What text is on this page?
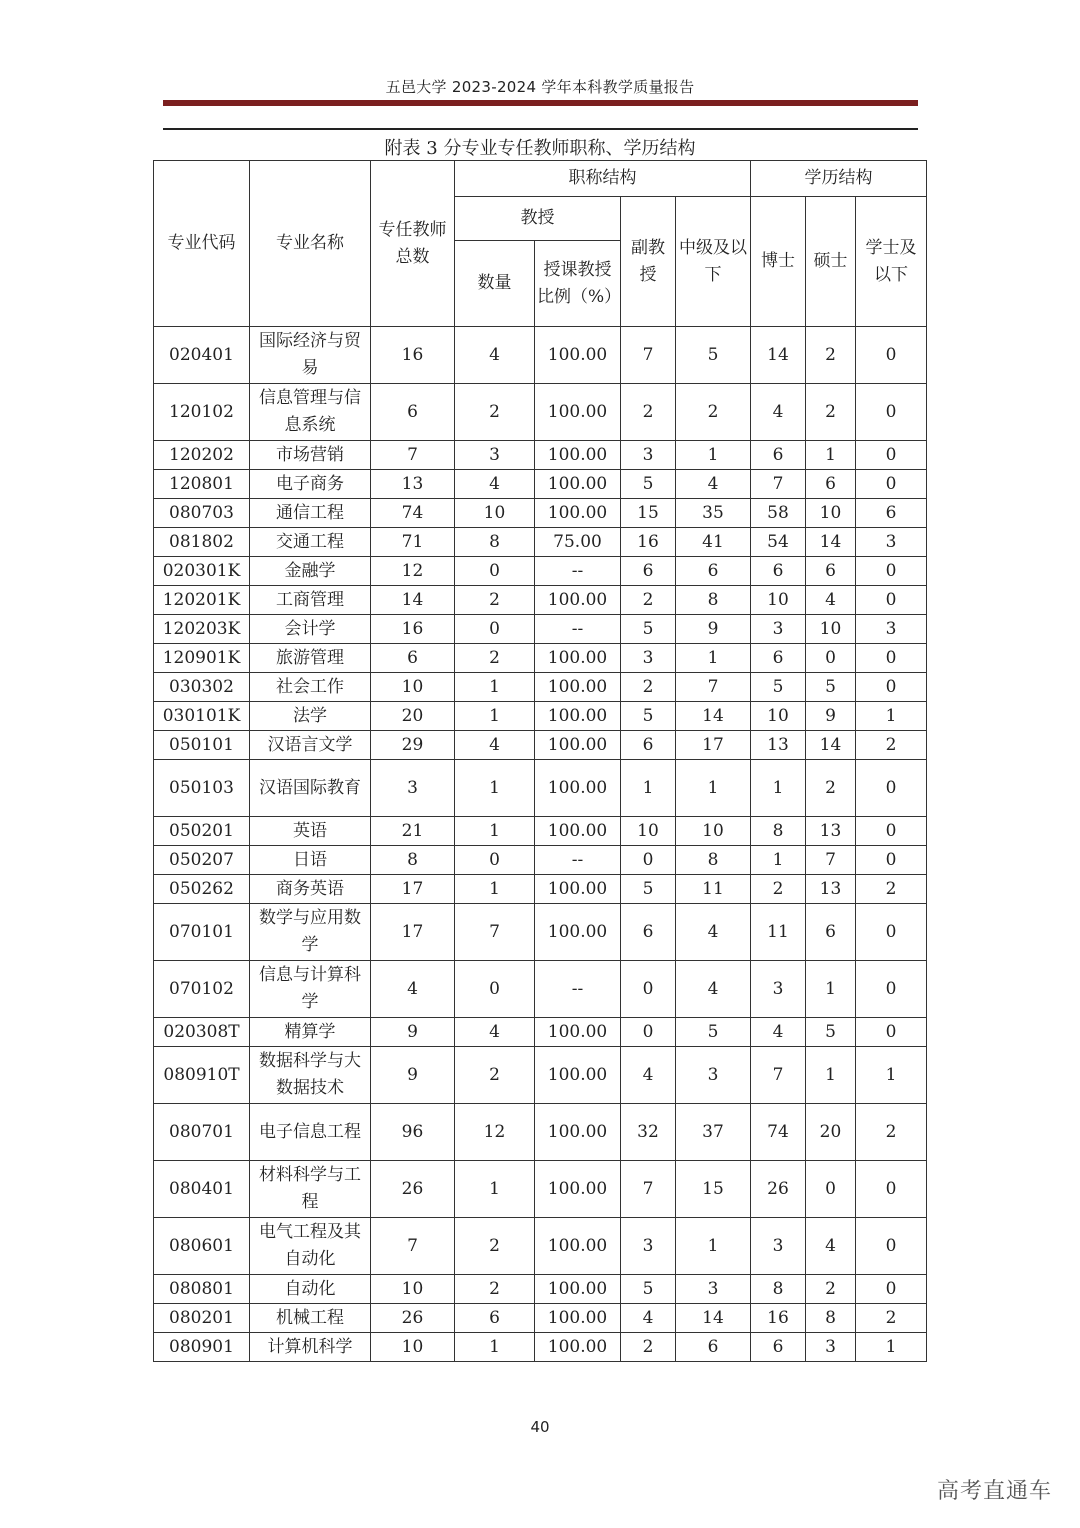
五邑大学 2023-2024 学年本科教学质量报告
附表 3 分专业专任教师职称、学历结构
专业代码	专业名称	专任教师总数	职称结构				学历结构		
			教授		副教授	中级及以下	博士	硕士	学士及以下
			数量	授课教授比例（%）					
020401	国际经济与贸易	16	4	100.00	7	5	14	2	0
120102	信息管理与信息系统	6	2	100.00	2	2	4	2	0
120202	市场营销	7	3	100.00	3	1	6	1	0
120801	电子商务	13	4	100.00	5	4	7	6	0
080703	通信工程	74	10	100.00	15	35	58	10	6
081802	交通工程	71	8	75.00	16	41	54	14	3
020301K	金融学	12	0	--	6	6	6	6	0
120201K	工商管理	14	2	100.00	2	8	10	4	0
120203K	会计学	16	0	--	5	9	3	10	3
120901K	旅游管理	6	2	100.00	3	1	6	0	0
030302	社会工作	10	1	100.00	2	7	5	5	0
030101K	法学	20	1	100.00	5	14	10	9	1
050101	汉语言文学	29	4	100.00	6	17	13	14	2
050103	汉语国际教育	3	1	100.00	1	1	1	2	0
050201	英语	21	1	100.00	10	10	8	13	0
050207	日语	8	0	--	0	8	1	7	0
050262	商务英语	17	1	100.00	5	11	2	13	2
070101	数学与应用数学	17	7	100.00	6	4	11	6	0
070102	信息与计算科学	4	0	--	0	4	3	1	0
020308T	精算学	9	4	100.00	0	5	4	5	0
080910T	数据科学与大数据技术	9	2	100.00	4	3	7	1	1
080701	电子信息工程	96	12	100.00	32	37	74	20	2
080401	材料科学与工程	26	1	100.00	7	15	26	0	0
080601	电气工程及其自动化	7	2	100.00	3	1	3	4	0
080801	自动化	10	2	100.00	5	3	8	2	0
080201	机械工程	26	6	100.00	4	14	16	8	2
080901	计算机科学	10	1	100.00	2	6	6	3	1
40
高考直通车
